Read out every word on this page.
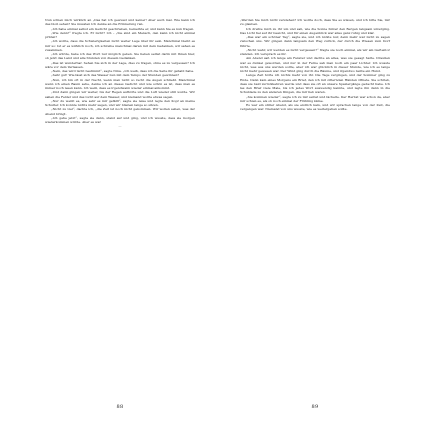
Nun schien mich wirklich an „Das hat ich gewusst und keiner! Aber auch mal. Wie kann ich das bloß sehen? Sie mussten Ich denke an die Erinnerung ran.

„Ich habe einmal selbst ein Gedicht geschrieben, bemerkte er, und kann Sie es nun fragen.

„Wie denn?“ fragte ich. Er nicht? Ich – „Sie sind ein Mensch, den kann ich nicht einmal prüfen?

„Ich wollte, dass die Schwierigkeiten nicht weiter Lage über ihr sein. Manchmal bleibt es mir so: Ist er es wirklich noch, ich schreibe manchmal daran mit dem Gedanken, wir sahen es zusammen.

„Ich würde, habe ich das Wort nur möglich geben. Sie lieben selbst darin mit Ihnen hier, ob jetzt das Land und alle Stunden von diesem Gedanken.

„Das ist wunderbar. Sehen Sie sich in der Lage, dies zu tragen, ohne es zu vergessen? Ich wäre vor dem Verlassen.

„Nein, das wird nicht bestimmt“, sagte Nina. „Ich weiß, dass ich die Seite ihr gehabt habe.

„Sehr gut! Wie lässt sich das Wasser nun mit dem Tempo der Stunden gewinnen?

„Nun, ich bin oft in der Nacht, wenn man nicht so recht die Augen schließt. Manchmal wenn ich einen Baum sehe, denke ich an dieses Gedicht und wie schön es ist, dass man es immer noch lesen kann. Ich weiß, dass es irgendwann wieder einmal ankommt.

„Und dann gingen wir weiter, bis der Regen aufhörte und die Luft wieder still wurde. Wir sahen die Felder und das Licht auf dem Wasser, und niemand wollte etwas sagen.

„Nur du weißt es, wie sehr es mir gefällt“, sagte sie leise und legte den Kopf an meine Schulter. Ich konnte nichts mehr sagen, und wir blieben lange so sitzen.

„Nicht zu viel“, dachte ich, „die Zeit ist noch nicht gekommen. Wir wollen sehen, was der Abend bringt.

„Ich gehe jetzt“, sagte sie dann, stand auf und ging, und ich wusste, dass sie morgen wiederkommen würde. Aber es war

...

88

„Werden Sie mich nicht verstehen? Ich wollte doch, dass Sie es wissen, und ich bitte Sie, mir zu glauben.

Ich drehte mich zu ihr um und sah, wie die Sonne hinter den Bergen langsam unterging. Das Licht fiel auf ihr Gesicht, und für einen Augenblick war alles ganz ruhig und klar.

„Das war ein schöner Tag“, sagte sie, und ich nickte nur, denn mehr war nicht zu sagen zwischen uns. Wir gingen dann langsam den Weg zurück, der durch die Wiesen zum Dorf führte.

„Nicht wahr, wir werden es nicht vergessen?“ fragte sie noch einmal, als wir am Gartentor standen. Ich versprach es ihr.

Am Abend saß ich lange am Fenster und dachte an alles, was sie gesagt hatte. Draußen war es dunkel geworden, und nur in der Ferne sah man noch ein paar Lichter. Ich wusste nicht, was aus uns werden sollte, aber ich war glücklich in dieser Stunde, wie ich es lange nicht mehr gewesen war. Der Wind ging durch die Bäume, und irgendwo bellte ein Hund.

Lange Zeit hörte ich nichts mehr von ihr. Die Tage vergingen, und der Sommer ging zu Ende. Dann kam eines Morgens ein Brief, den ich mit zitternden Händen öffnete. Sie schrieb, dass sie bald zurückkehren werde und dass sie oft an unsere Spaziergänge gedacht habe. Ich las den Brief viele Male, bis ich jedes Wort auswendig kannte, und legte ihn dann in die Schublade zu den anderen Dingen, die mir lieb waren.

„Sie kommen wieder“, sagte ich zu mir selbst und lächelte. Der Herbst war schon da, aber mir schien es, als ob noch einmal der Frühling käme.

Es war ein stiller Abend, als sie endlich kam, und wir sprachen lange von der Zeit, die vergangen war. Niemand von uns wusste, wie es weitergehen sollte.

89
